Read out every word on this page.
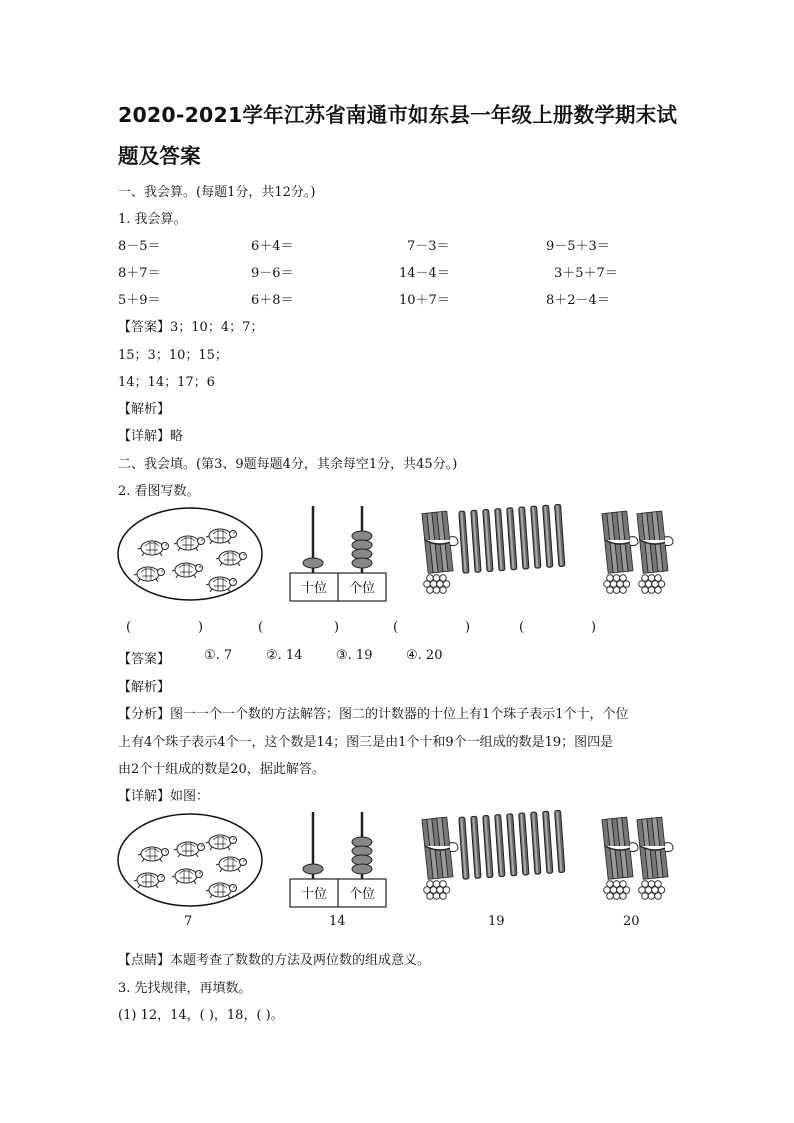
2020-2021学年江苏省南通市如东县一年级上册数学期末试
题及答案
一、我会算。(每题1分，共12分。)
1. 我会算。
8－5＝	6＋4＝	7－3＝	9－5＋3＝
8＋7＝	9－6＝	14－4＝	3＋5＋7＝
5＋9＝	6＋8＝	10＋7＝	8＋2－4＝
【答案】3；10；4；7；
15；3；10；15；
14；14；17；6
【解析】
【详解】略
二、我会填。(第3、9题每题4分，其余每空1分，共45分。)
2. 看图写数。
十位 个位
(	)	(	)	(	)	(	)
【答案】	①. 7	②. 14	③. 19	④. 20
【解析】
【分析】图一一个一个数的方法解答；图二的计数器的十位上有1个珠子表示1个十，个位
上有4个珠子表示4个一，这个数是14；图三是由1个十和9个一组成的数是19；图四是
由2个十组成的数是20，据此解答。
【详解】如图：
十位 个位
7	14	19	20
【点睛】本题考查了数数的方法及两位数的组成意义。
3. 先找规律，再填数。
(1) 12，14，( )，18，( )。
